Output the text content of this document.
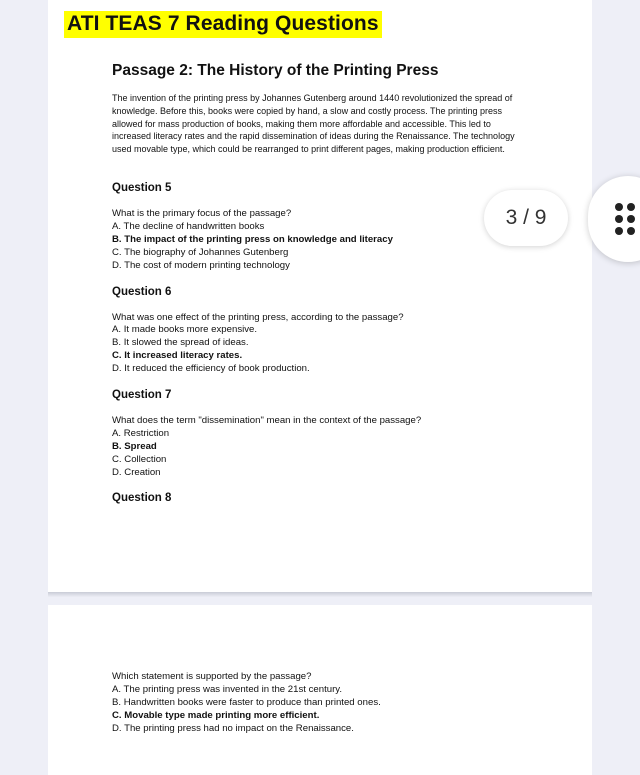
ATI TEAS 7 Reading Questions
Passage 2: The History of the Printing Press

The invention of the printing press by Johannes Gutenberg around 1440 revolutionized the spread of knowledge. Before this, books were copied by hand, a slow and costly process. The printing press allowed for mass production of books, making them more affordable and accessible. This led to increased literacy rates and the rapid dissemination of ideas during the Renaissance. The technology used movable type, which could be rearranged to print different pages, making production efficient.

Question 5

What is the primary focus of the passage?

A. The decline of handwritten books
B. The impact of the printing press on knowledge and literacy
C. The biography of Johannes Gutenberg
D. The cost of modern printing technology
Question 6

What was one effect of the printing press, according to the passage?

A. It made books more expensive.
B. It slowed the spread of ideas.
C. It increased literacy rates.
D. It reduced the efficiency of book production.
Question 7

What does the term "dissemination" mean in the context of the passage?

A. Restriction
B. Spread
C. Collection
D. Creation
Question 8

Which statement is supported by the passage?

A. The printing press was invented in the 21st century.
B. Handwritten books were faster to produce than printed ones.
C. Movable type made printing more efficient.
D. The printing press had no impact on the Renaissance.
3 / 9
